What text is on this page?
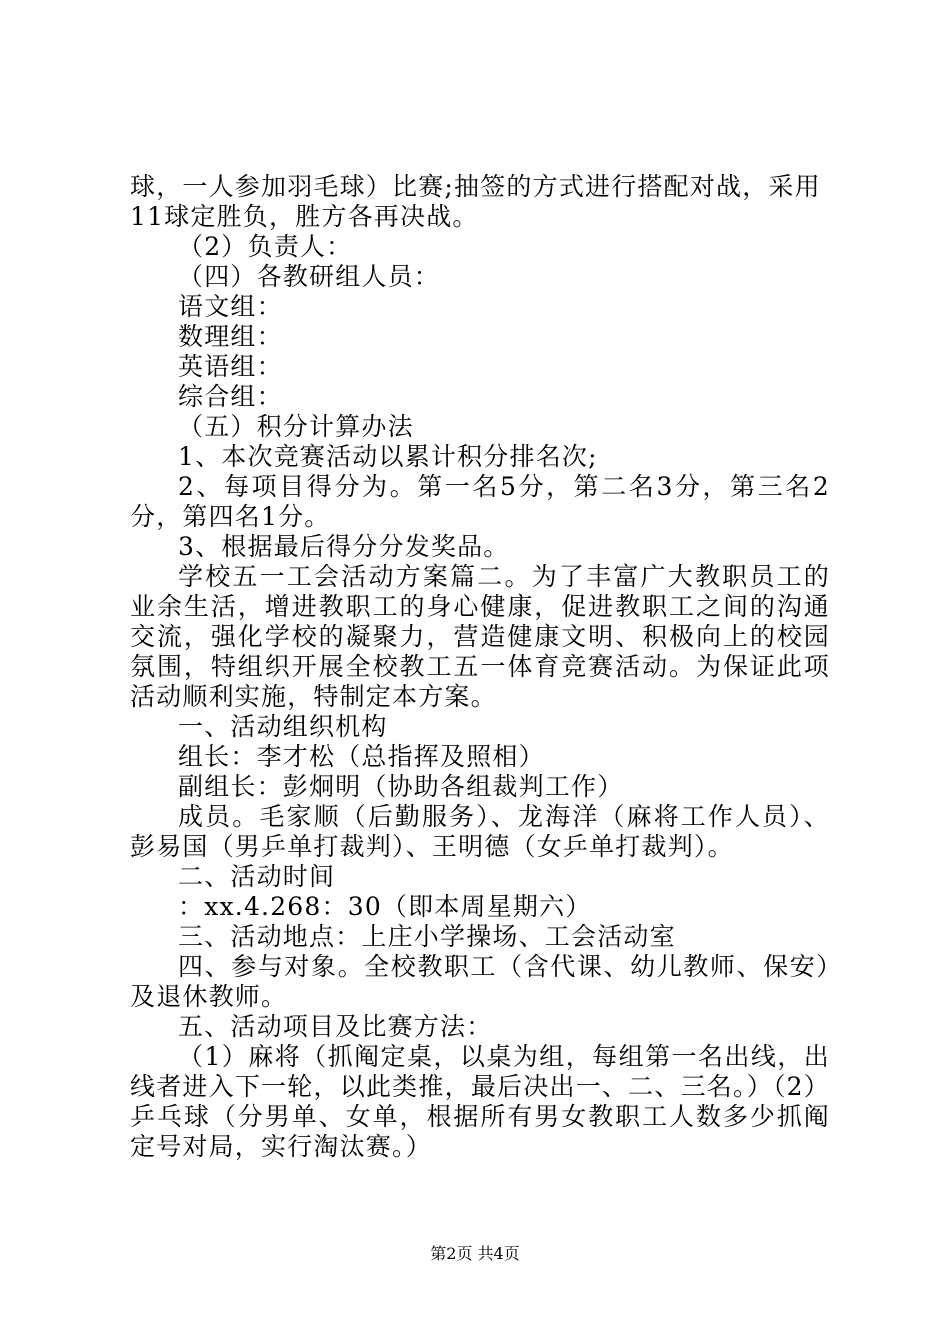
球，一人参加羽毛球）比赛;抽签的方式进行搭配对战，采用
11球定胜负，胜方各再决战。
（2）负责人：
（四）各教研组人员：
语文组：
数理组：
英语组：
综合组：
（五）积分计算办法
1、本次竞赛活动以累计积分排名次;
2、每项目得分为。第一名5分，第二名3分，第三名2分，第四名1分。
3、根据最后得分分发奖品。
学校五一工会活动方案篇二。为了丰富广大教职员工的业余生活，增进教职工的身心健康，促进教职工之间的沟通交流，强化学校的凝聚力，营造健康文明、积极向上的校园氛围，特组织开展全校教工五一体育竞赛活动。为保证此项活动顺利实施，特制定本方案。
一、活动组织机构
组长：李才松（总指挥及照相）
副组长：彭炯明（协助各组裁判工作）
成员。毛家顺（后勤服务）、龙海洋（麻将工作人员）、彭易国（男乒单打裁判）、王明德（女乒单打裁判）。
二、活动时间
：xx.4.268：30（即本周星期六）
三、活动地点：上庄小学操场、工会活动室
四、参与对象。全校教职工（含代课、幼儿教师、保安）及退休教师。
五、活动项目及比赛方法：
（1）麻将（抓阄定桌，以桌为组，每组第一名出线，出线者进入下一轮，以此类推，最后决出一、二、三名。）（2）乒乓球（分男单、女单，根据所有男女教职工人数多少抓阄定号对局，实行淘汰赛。）
第2页 共4页
